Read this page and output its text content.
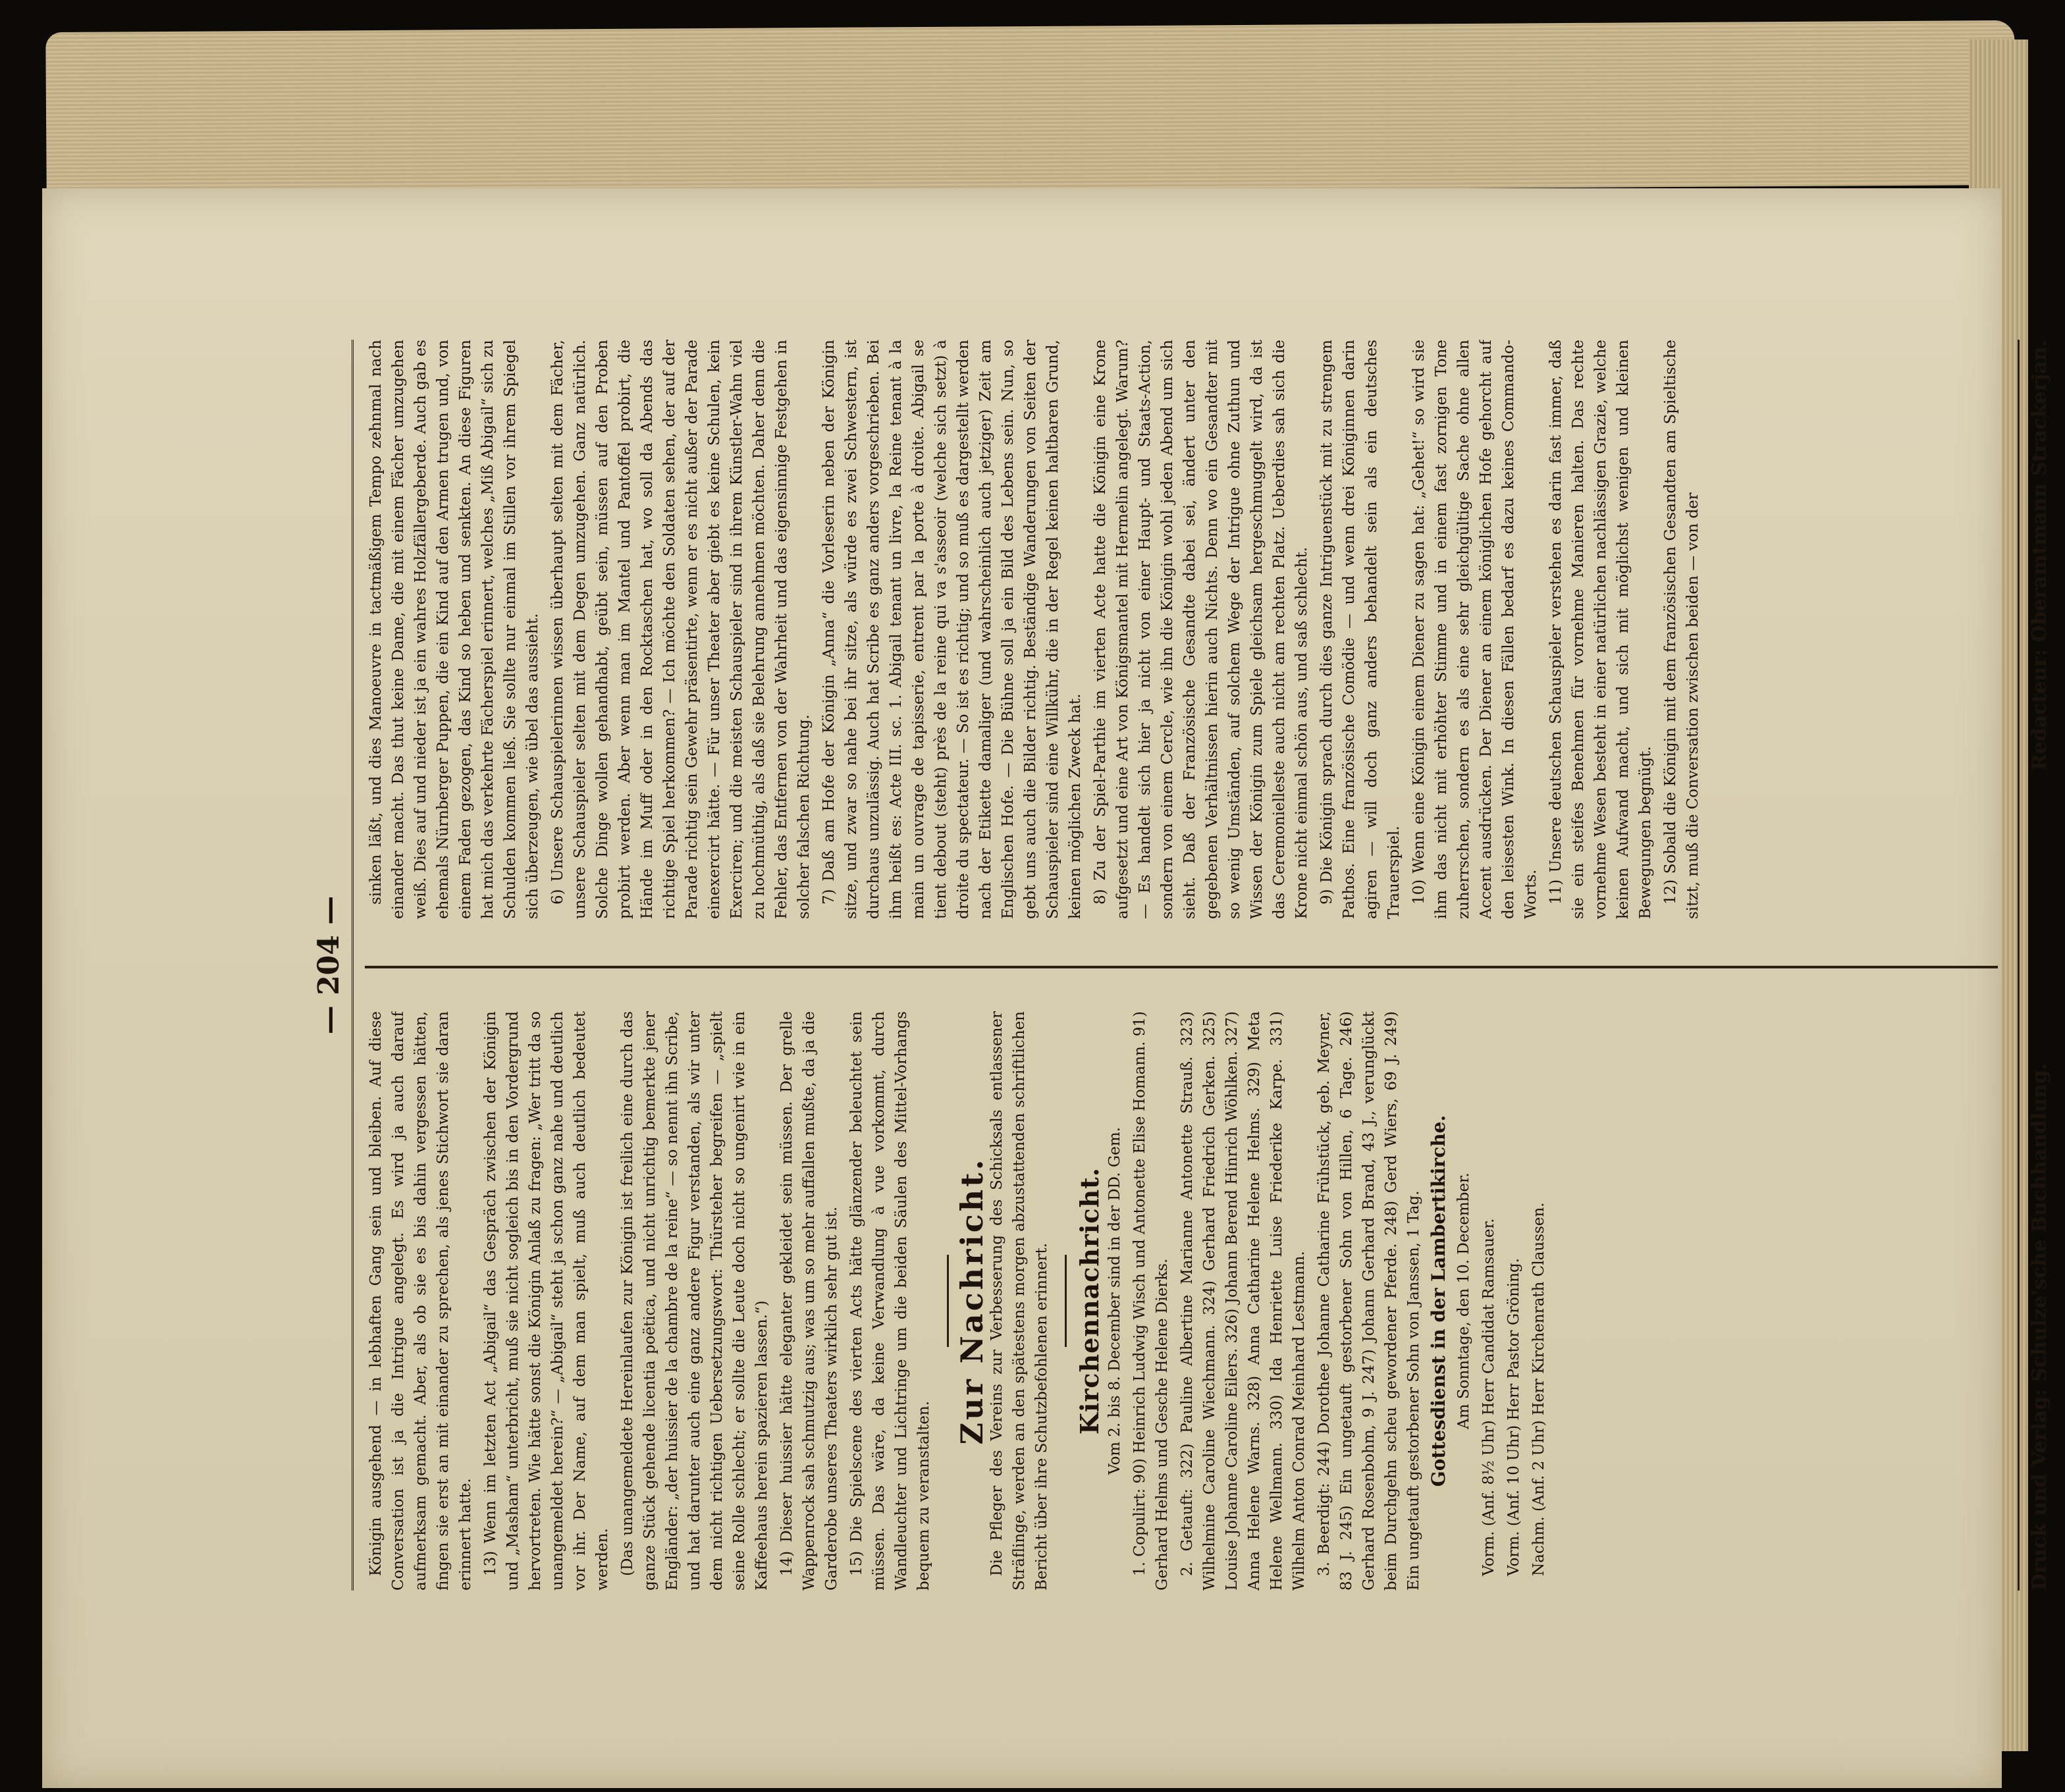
— 204 —

Königin ausgehend — in lebhaften Gang sein und bleiben. Auf diese Conversation ist ja die Intrigue angelegt. Es wird ja auch darauf aufmerksam gemacht. Aber, als ob sie es bis dahin vergessen hätten, fingen sie erst an mit einander zu sprechen, als jenes Stichwort sie daran erinnert hatte. 13) Wenn im letzten Act „Abigail“ das Gespräch zwischen der Königin und „Masham“ unterbricht, muß sie nicht sogleich bis in den Vordergrund hervortreten. Wie hätte sonst die Königin Anlaß zu fragen: „Wer tritt da so unangemeldet herein?“ — „Abigail“ steht ja schon ganz nahe und deutlich vor ihr. Der Name, auf dem man spielt, muß auch deutlich bedeutet werden. (Das unangemeldete Hereinlaufen zur Königin ist freilich eine durch das ganze Stück gehende licentia poëtica, und nicht unrichtig bemerkte jener Engländer: „der huissier de la chambre de la reine“ — so nennt ihn Scribe, und hat darunter auch eine ganz andere Figur verstanden, als wir unter dem nicht richtigen Uebersetzungswort: Thürsteher begreifen — „spielt seine Rolle schlecht; er sollte die Leute doch nicht so ungenirt wie in ein Kaffeehaus herein spazieren lassen.“) 14) Dieser huissier hätte eleganter gekleidet sein müssen. Der grelle Wappenrock sah schmutzig aus; was um so mehr auffallen mußte, da ja die Garderobe unseres Theaters wirklich sehr gut ist. 15) Die Spielscene des vierten Acts hätte glänzender beleuchtet sein müssen. Das wäre, da keine Verwandlung à vue vorkommt, durch Wandleuchter und Lichtringe um die beiden Säulen des Mittel-Vorhangs bequem zu veranstalten.

Zur Nachricht.

Die Pfleger des Vereins zur Verbesserung des Schicksals entlassener Sträflinge, werden an den spätestens morgen abzustattenden schriftlichen Bericht über ihre Schutzbefohlenen erinnert. Kirchennachricht. Vom 2. bis 8. December sind in der DD. Gem. 1. Copulirt: 90) Heinrich Ludwig Wisch und Antonette Elise Homann. 91) Gerhard Helms und Gesche Helene Dierks. 2. Getauft: 322) Pauline Albertine Marianne Antonette Strauß. 323) Wilhelmine Caroline Wiechmann. 324) Gerhard Friedrich Gerken. 325) Louise Johanne Caroline Eilers. 326) Johann Berend Hinrich Wöhlken. 327) Anna Helene Warns. 328) Anna Catharine Helene Helms. 329) Meta Helene Wellmann. 330) Ida Henriette Luise Friederike Karpe. 331) Wilhelm Anton Conrad Meinhard Lestmann. 3. Beerdigt: 244) Dorothee Johanne Catharine Frühstück, geb. Meyner, 83 J. 245) Ein ungetauft gestorbener Sohn von Hillen, 6 Tage. 246) Gerhard Rosenbohm, 9 J. 247) Johann Gerhard Brand, 43 J., verunglückt beim Durchgehn scheu gewordener Pferde. 248) Gerd Wiers, 69 J. 249) Ein ungetauft gestorbener Sohn von Janssen, 1 Tag. Gottesdienst in der Lambertikirche. Am Sonntage, den 10. December. Vorm. (Anf. 8½ Uhr) Herr Candidat Ramsauer. Vorm. (Anf. 10 Uhr) Herr Pastor Gröning. Nachm. (Anf. 2 Uhr) Herr Kirchenrath Claussen.

sinken läßt, und dies Manoeuvre in tactmäßigem Tempo zehnmal nach einander macht. Das thut keine Dame, die mit einem Fächer umzugehen weiß. Dies auf und nieder ist ja ein wahres Holzfällergeberde. Auch gab es ehemals Nürnberger Puppen, die ein Kind auf den Armen trugen und, von einem Faden gezogen, das Kind so heben und senkten. An diese Figuren hat mich das verkehrte Fächerspiel erinnert, welches „Miß Abigail“ sich zu Schulden kommen ließ. Sie sollte nur einmal im Stillen vor ihrem Spiegel sich überzeugen, wie übel das aussieht. 6) Unsere Schauspielerinnen wissen überhaupt selten mit dem Fächer, unsere Schauspieler selten mit dem Degen umzugehen. Ganz natürlich. Solche Dinge wollen gehandhabt, geübt sein, müssen auf den Proben probirt werden. Aber wenn man im Mantel und Pantoffel probirt, die Hände im Muff oder in den Rocktaschen hat, wo soll da Abends das richtige Spiel herkommen? — Ich möchte den Soldaten sehen, der auf der Parade richtig sein Gewehr präsentirte, wenn er es nicht außer der Parade einexercirt hätte. — Für unser Theater aber giebt es keine Schulen, kein Exerciren; und die meisten Schauspieler sind in ihrem Künstler-Wahn viel zu hochmüthig, als daß sie Belehrung annehmen möchten. Daher denn die Fehler, das Entfernen von der Wahrheit und das eigensinnige Festgehen in solcher falschen Richtung. 7) Daß am Hofe der Königin „Anna“ die Vorleserin neben der Königin sitze, und zwar so nahe bei ihr sitze, als würde es zwei Schwestern, ist durchaus unzulässig. Auch hat Scribe es ganz anders vorgeschrieben. Bei ihm heißt es: Acte III. sc. 1. Abigail tenant un livre, la Reine tenant à la main un ouvrage de tapisserie, entrent par la porte à droite. Abigail se tient debout (steht) près de la reine qui va s'asseoir (welche sich setzt) à droite du spectateur. — So ist es richtig; und so muß es dargestellt werden nach der Etikette damaliger (und wahrscheinlich auch jetziger) Zeit am Englischen Hofe. — Die Bühne soll ja ein Bild des Lebens sein. Nun, so gebt uns auch die Bilder richtig. Beständige Wanderungen von Seiten der Schauspieler sind eine Willkühr, die in der Regel keinen haltbaren Grund, keinen möglichen Zweck hat. 8) Zu der Spiel-Parthie im vierten Acte hatte die Königin eine Krone aufgesetzt und eine Art von Königsmantel mit Hermelin angelegt. Warum? — Es handelt sich hier ja nicht von einer Haupt- und Staats-Action, sondern von einem Cercle, wie ihn die Königin wohl jeden Abend um sich sieht. Daß der Französische Gesandte dabei sei, ändert unter den gegebenen Verhältnissen hierin auch Nichts. Denn wo ein Gesandter mit so wenig Umständen, auf solchem Wege der Intrigue ohne Zuthun und Wissen der Königin zum Spiele gleichsam hergeschmuggelt wird, da ist das Ceremonielleste auch nicht am rechten Platz. Ueberdies sah sich die Krone nicht einmal schön aus, und saß schlecht. 9) Die Königin sprach durch dies ganze Intriguenstück mit zu strengem Pathos. Eine französische Comödie — und wenn drei Königinnen darin agiren — will doch ganz anders behandelt sein als ein deutsches Trauerspiel. 10) Wenn eine Königin einem Diener zu sagen hat: „Gehet!“ so wird sie ihm das nicht mit erhöhter Stimme und in einem fast zornigen Tone zuherrschen, sondern es als eine sehr gleichgültige Sache ohne allen Accent ausdrücken. Der Diener an einem königlichen Hofe gehorcht auf den leisesten Wink. In diesen Fällen bedarf es dazu keines Commando-Worts. 11) Unsere deutschen Schauspieler verstehen es darin fast immer, daß sie ein steifes Benehmen für vornehme Manieren halten. Das rechte vornehme Wesen besteht in einer natürlichen nachlässigen Grazie, welche keinen Aufwand macht, und sich mit möglichst wenigen und kleinen Bewegungen begnügt. 12) Sobald die Königin mit dem französischen Gesandten am Spieltische sitzt, muß die Conversation zwischen beiden — von der

Druck und Verlag: Schulze'sche Buchhandlung.
Redacteur: Oberamtmann Strackerjan.
